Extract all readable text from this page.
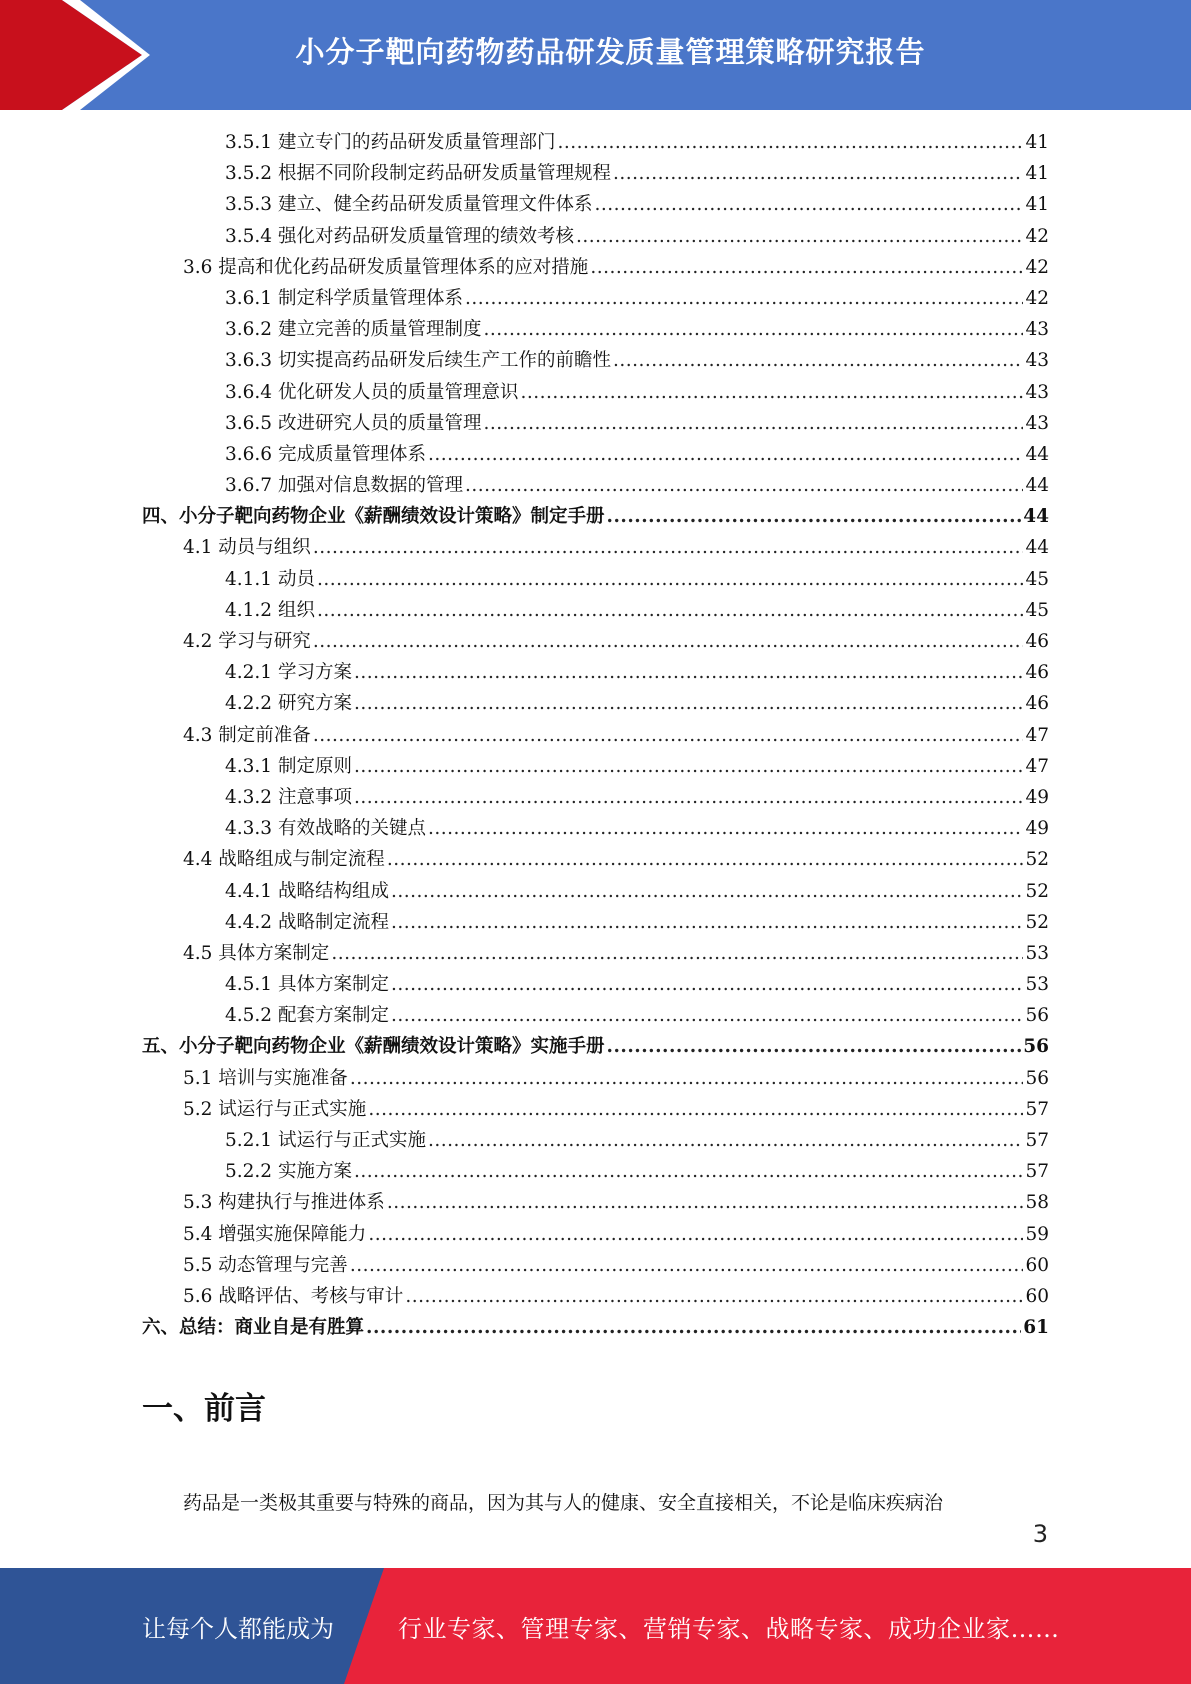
小分子靶向药物药品研发质量管理策略研究报告
3.5.1 建立专门的药品研发质量管理部门 .....	41
3.5.2 根据不同阶段制定药品研发质量管理规程 .....	41
3.5.3 建立、健全药品研发质量管理文件体系 .....	41
3.5.4 强化对药品研发质量管理的绩效考核 .....	42
3.6 提高和优化药品研发质量管理体系的应对措施 .....	42
3.6.1 制定科学质量管理体系 .....	42
3.6.2 建立完善的质量管理制度 .....	43
3.6.3 切实提高药品研发后续生产工作的前瞻性 .....	43
3.6.4 优化研发人员的质量管理意识 .....	43
3.6.5 改进研究人员的质量管理 .....	43
3.6.6 完成质量管理体系 .....	44
3.6.7 加强对信息数据的管理 .....	44
四、小分子靶向药物企业《薪酬绩效设计策略》制定手册 .....	44
4.1 动员与组织 .....	44
4.1.1 动员 .....	45
4.1.2 组织 .....	45
4.2 学习与研究 .....	46
4.2.1 学习方案 .....	46
4.2.2 研究方案 .....	46
4.3 制定前准备 .....	47
4.3.1 制定原则 .....	47
4.3.2 注意事项 .....	49
4.3.3 有效战略的关键点 .....	49
4.4 战略组成与制定流程 .....	52
4.4.1 战略结构组成 .....	52
4.4.2 战略制定流程 .....	52
4.5 具体方案制定 .....	53
4.5.1 具体方案制定 .....	53
4.5.2 配套方案制定 .....	56
五、小分子靶向药物企业《薪酬绩效设计策略》实施手册 .....	56
5.1 培训与实施准备 .....	56
5.2 试运行与正式实施 .....	57
5.2.1 试运行与正式实施 .....	57
5.2.2 实施方案 .....	57
5.3 构建执行与推进体系 .....	58
5.4 增强实施保障能力 .....	59
5.5 动态管理与完善 .....	60
5.6 战略评估、考核与审计 .....	60
六、总结：商业自是有胜算 .....	61
一、前言
药品是一类极其重要与特殊的商品，因为其与人的健康、安全直接相关，不论是临床疾病治
3
让每个人都能成为	行业专家、管理专家、营销专家、战略专家、成功企业家……
